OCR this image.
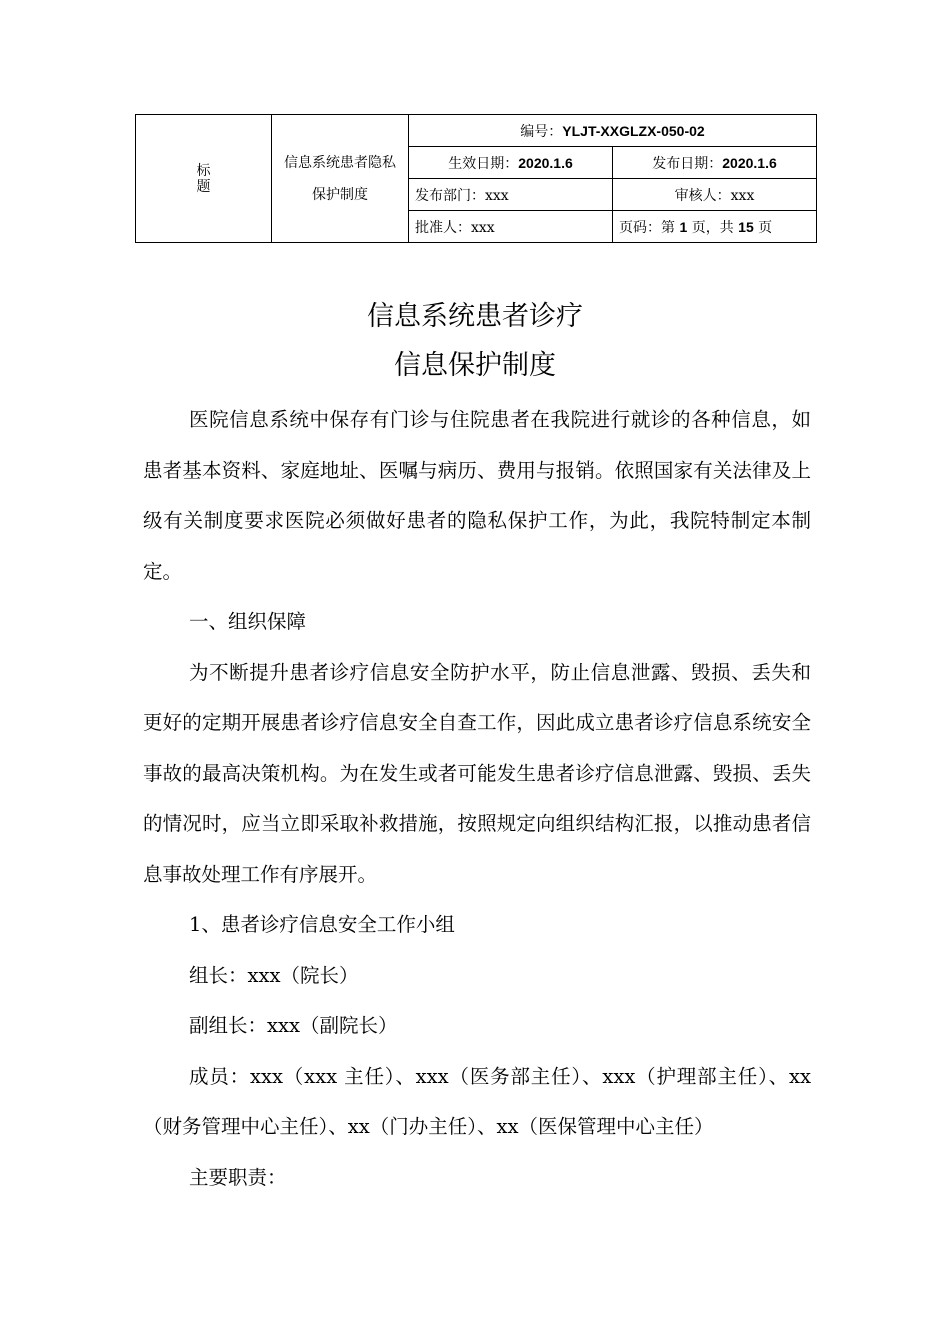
标题	信息系统患者隐私保护制度	编号：YLJT-XXGLZX-050-02	
		生效日期：2020.1.6	发布日期：2020.1.6
		发布部门：xxx	审核人：xxx
		批准人：xxx	页码：第 1 页，共 15 页
信息系统患者诊疗
信息保护制度

医院信息系统中保存有门诊与住院患者在我院进行就诊的各种信息，如患者基本资料、家庭地址、医嘱与病历、费用与报销。依照国家有关法律及上级有关制度要求医院必须做好患者的隐私保护工作，为此，我院特制定本制定。

一、组织保障

为不断提升患者诊疗信息安全防护水平，防止信息泄露、毁损、丢失和更好的定期开展患者诊疗信息安全自查工作，因此成立患者诊疗信息系统安全事故的最高决策机构。为在发生或者可能发生患者诊疗信息泄露、毁损、丢失的情况时，应当立即采取补救措施，按照规定向组织结构汇报，以推动患者信息事故处理工作有序展开。

1、患者诊疗信息安全工作小组

组长：xxx（院长）

副组长：xxx（副院长）

成员：xxx（xxx 主任）、xxx（医务部主任）、xxx（护理部主任）、xx（财务管理中心主任）、xx（门办主任）、xx（医保管理中心主任）

主要职责：
